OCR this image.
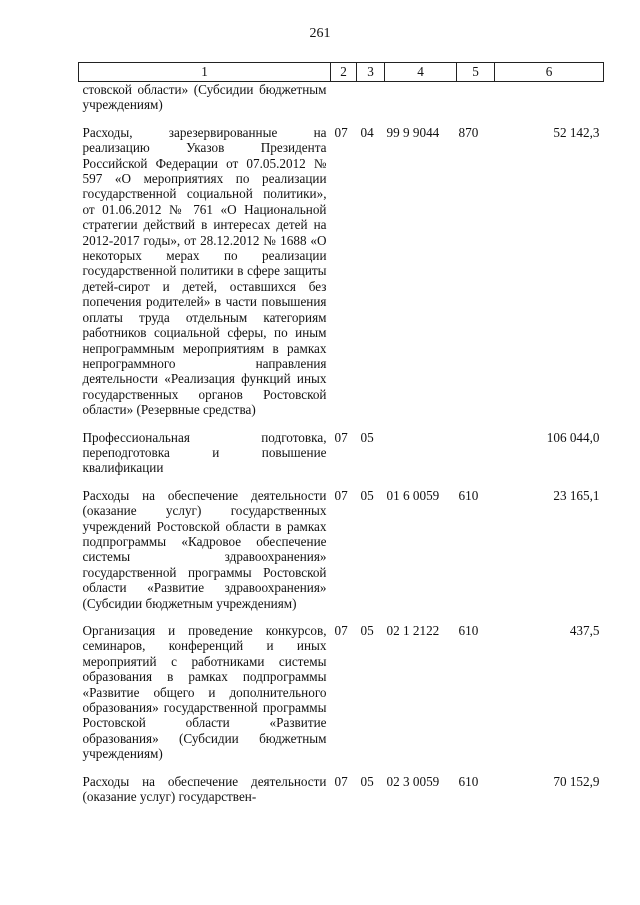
261
1	2	3	4	5	6
стовской области» (Субсидии бюджетным учреждениям)					
Расходы, зарезервированные на реализацию Указов Президента Российской Федерации от 07.05.2012 № 597 «О мероприятиях по реализации государственной социальной политики», от 01.06.2012 № 761 «О Национальной стратегии действий в интересах детей на 2012-2017 годы», от 28.12.2012 № 1688 «О некоторых мерах по реализации государственной политики в сфере защиты детей-сирот и детей, оставшихся без попечения родителей» в части повышения оплаты труда отдельным категориям работников социальной сферы, по иным непрограммным мероприятиям в рамках непрограммного направления деятельности «Реализация функций иных государственных органов Ростовской области» (Резервные средства)	07	04	99 9 9044	870	52 142,3
Профессиональная подготовка, переподготовка и повышение квалификации	07	05			106 044,0
Расходы на обеспечение деятельности (оказание услуг) государственных учреждений Ростовской области в рамках подпрограммы «Кадровое обеспечение системы здравоохранения» государственной программы Ростовской области «Развитие здравоохранения» (Субсидии бюджетным учреждениям)	07	05	01 6 0059	610	23 165,1
Организация и проведение конкурсов, семинаров, конференций и иных мероприятий с работниками системы образования в рамках подпрограммы «Развитие общего и дополнительного образования» государственной программы Ростовской области «Развитие образования» (Субсидии бюджетным учреждениям)	07	05	02 1 2122	610	437,5
Расходы на обеспечение деятельности (оказание услуг) государствен-	07	05	02 3 0059	610	70 152,9
